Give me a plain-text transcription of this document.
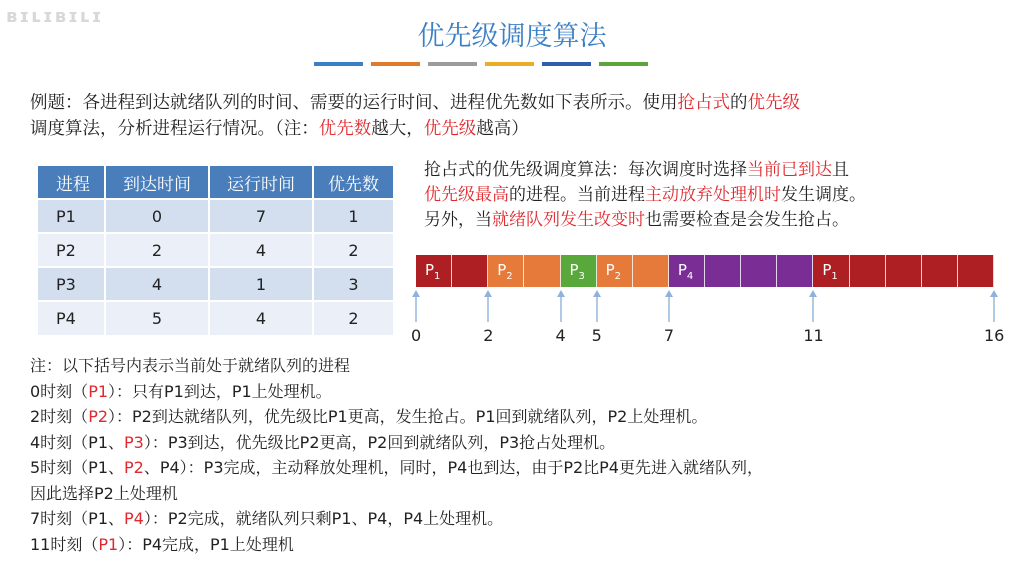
ʙɪʟɪʙɪʟɪ
优先级调度算法
例题：各进程到达就绪队列的时间、需要的运行时间、进程优先数如下表所示。使用抢占式的优先级
调度算法，分析进程运行情况。（注：优先数越大，优先级越高）
进程	到达时间	运行时间	优先数
P1	0	7	1
P2	2	4	2
P3	4	1	3
P4	5	4	2
抢占式的优先级调度算法：每次调度时选择当前已到达且
优先级最高的进程。当前进程主动放弃处理机时发生调度。
另外，当就绪队列发生改变时也需要检查是会发生抢占。
$P_1$	$P_2$	$P_3$ $P_2$	$P_4$	$P_1$
0	2	4 5	7	11	16
注：以下括号内表示当前处于就绪队列的进程
0时刻（P1）：只有P1到达，P1上处理机。
2时刻（P2）：P2到达就绪队列，优先级比P1更高，发生抢占。P1回到就绪队列，P2上处理机。
4时刻（P1、P3）：P3到达，优先级比P2更高，P2回到就绪队列，P3抢占处理机。
5时刻（P1、P2、P4）：P3完成，主动释放处理机，同时，P4也到达，由于P2比P4更先进入就绪队列，
因此选择P2上处理机
7时刻（P1、P4）：P2完成，就绪队列只剩P1、P4，P4上处理机。
11时刻（P1）：P4完成，P1上处理机
